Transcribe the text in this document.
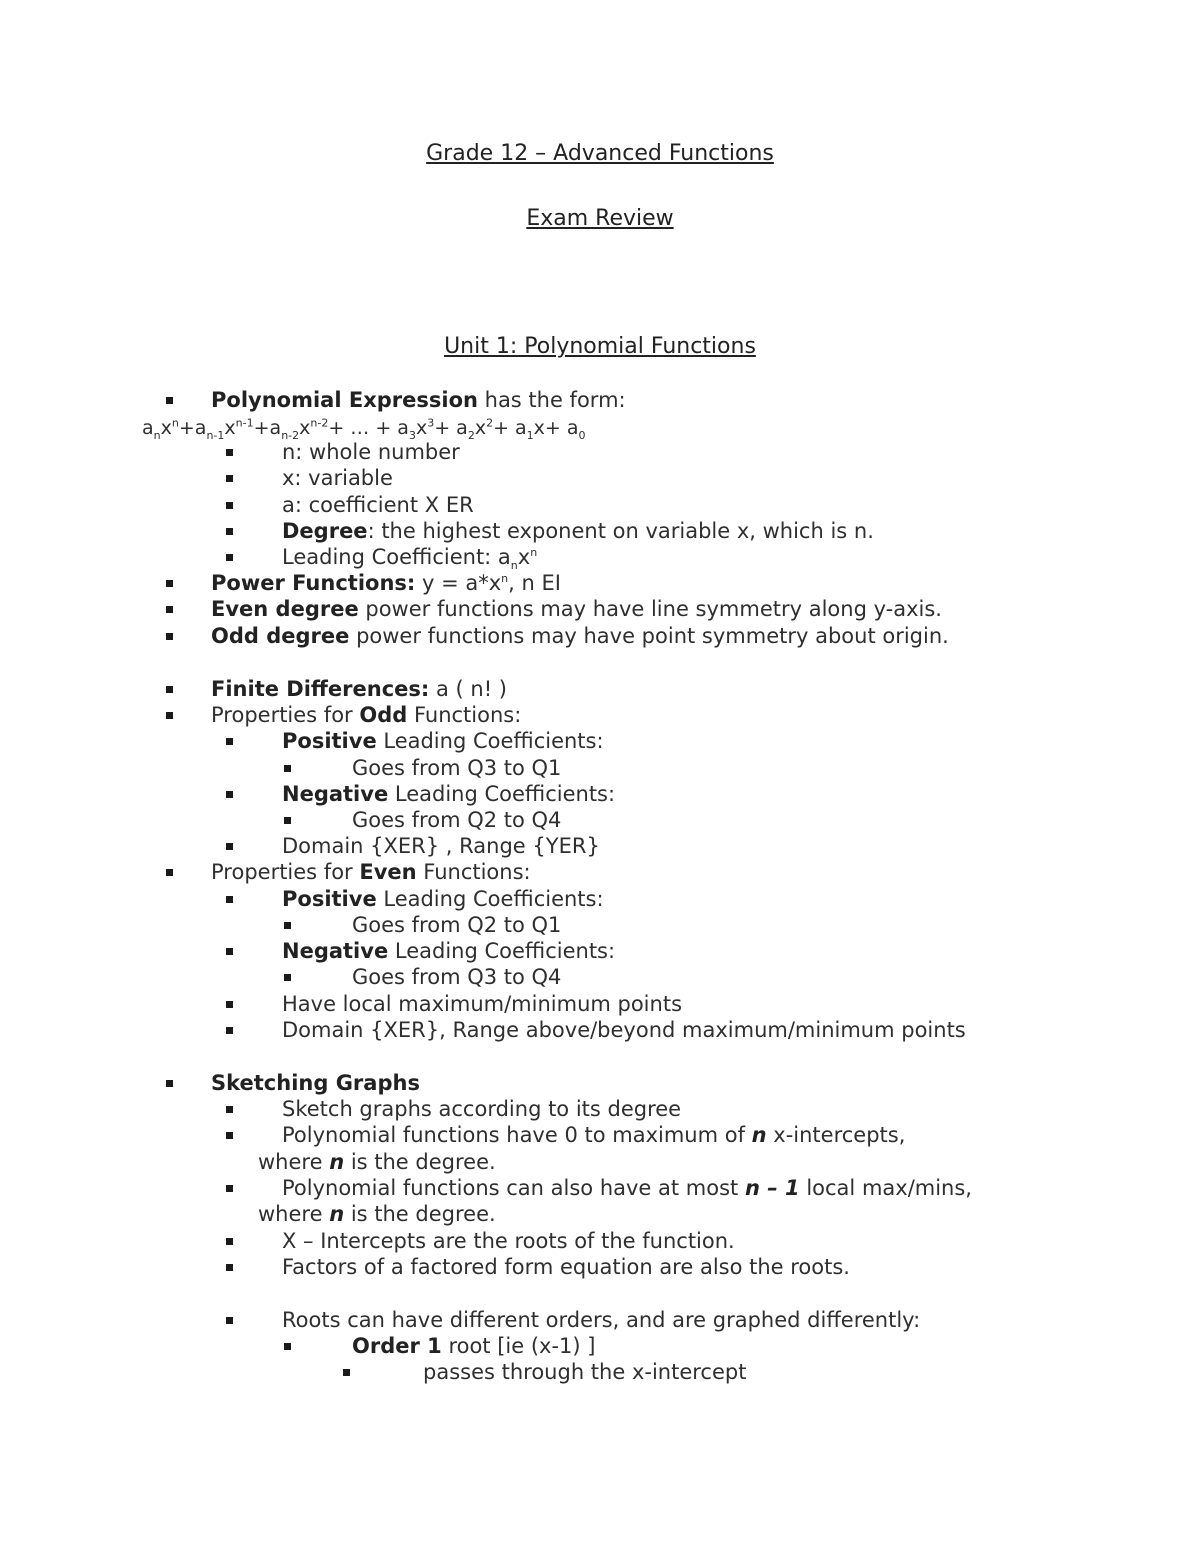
Grade 12 – Advanced Functions
Exam Review
Unit 1: Polynomial Functions
Polynomial Expression has the form:
$a_nx^n+a_{n-1}x^{n-1}+a_{n-2}x^{n-2}+$ … + $a_3x^3+ a_2x^2+ a_1x+ a_0$
n: whole number
x: variable
a: coefficient X ER
Degree: the highest exponent on variable x, which is n.
Leading Coefficient: $a_nx^n$
Power Functions: $y = a*x^n$, n EI
Even degree power functions may have line symmetry along y-axis.
Odd degree power functions may have point symmetry about origin.
Finite Differences: a ( n! )
Properties for Odd Functions:
Positive Leading Coefficients:
Goes from Q3 to Q1
Negative Leading Coefficients:
Goes from Q2 to Q4
Domain {XER} , Range {YER}
Properties for Even Functions:
Positive Leading Coefficients:
Goes from Q2 to Q1
Negative Leading Coefficients:
Goes from Q3 to Q4
Have local maximum/minimum points
Domain {XER}, Range above/beyond maximum/minimum points
Sketching Graphs
Sketch graphs according to its degree
Polynomial functions have 0 to maximum of n x-intercepts,
where n is the degree.
Polynomial functions can also have at most n – 1 local max/mins,
where n is the degree.
X – Intercepts are the roots of the function.
Factors of a factored form equation are also the roots.
Roots can have different orders, and are graphed differently:
Order 1 root [ie (x-1) ]
passes through the x-intercept
